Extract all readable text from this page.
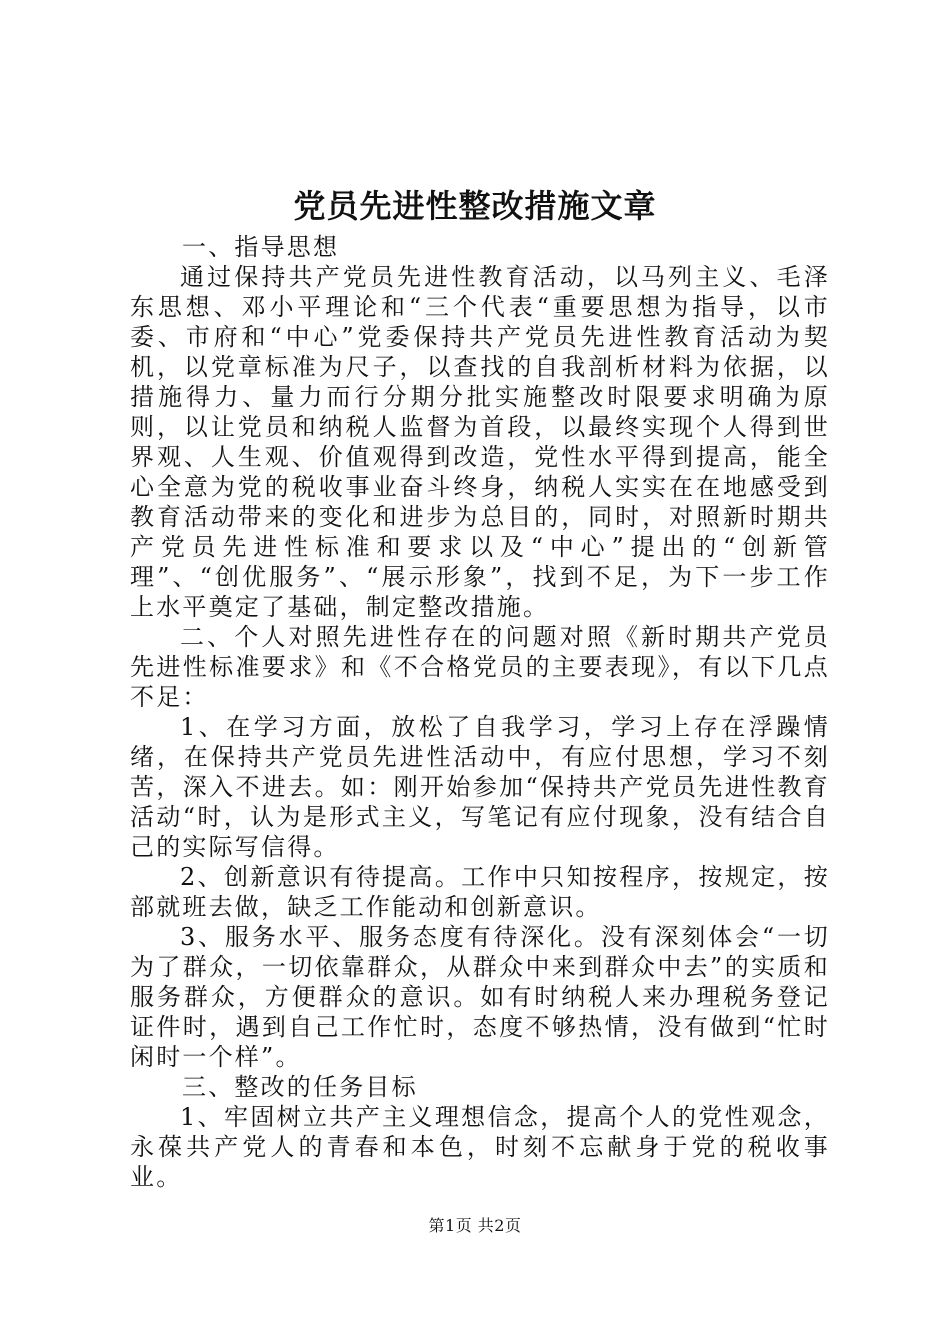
党员先进性整改措施文章

一、指导思想

通过保持共产党员先进性教育活动，以马列主义、毛泽东思想、邓小平理论和“三个代表“重要思想为指导，以市委、市府和“中心”党委保持共产党员先进性教育活动为契机，以党章标准为尺子，以查找的自我剖析材料为依据，以措施得力、量力而行分期分批实施整改时限要求明确为原则，以让党员和纳税人监督为首段，以最终实现个人得到世界观、人生观、价值观得到改造，党性水平得到提高，能全心全意为党的税收事业奋斗终身，纳税人实实在在地感受到教育活动带来的变化和进步为总目的，同时，对照新时期共产党员先进性标准和要求以及“中心”提出的“创新管理”、“创优服务”、“展示形象”，找到不足，为下一步工作上水平奠定了基础，制定整改措施。

二、个人对照先进性存在的问题对照《新时期共产党员先进性标准要求》和《不合格党员的主要表现》，有以下几点不足：

1、在学习方面，放松了自我学习，学习上存在浮躁情绪，在保持共产党员先进性活动中，有应付思想，学习不刻苦，深入不进去。如：刚开始参加“保持共产党员先进性教育活动“时，认为是形式主义，写笔记有应付现象，没有结合自己的实际写信得。

2、创新意识有待提高。工作中只知按程序，按规定，按部就班去做，缺乏工作能动和创新意识。

3、服务水平、服务态度有待深化。没有深刻体会“一切为了群众，一切依靠群众，从群众中来到群众中去”的实质和服务群众，方便群众的意识。如有时纳税人来办理税务登记证件时，遇到自己工作忙时，态度不够热情，没有做到“忙时闲时一个样”。

三、整改的任务目标

1、牢固树立共产主义理想信念，提高个人的党性观念，永葆共产党人的青春和本色，时刻不忘献身于党的税收事业。

第1页 共2页
